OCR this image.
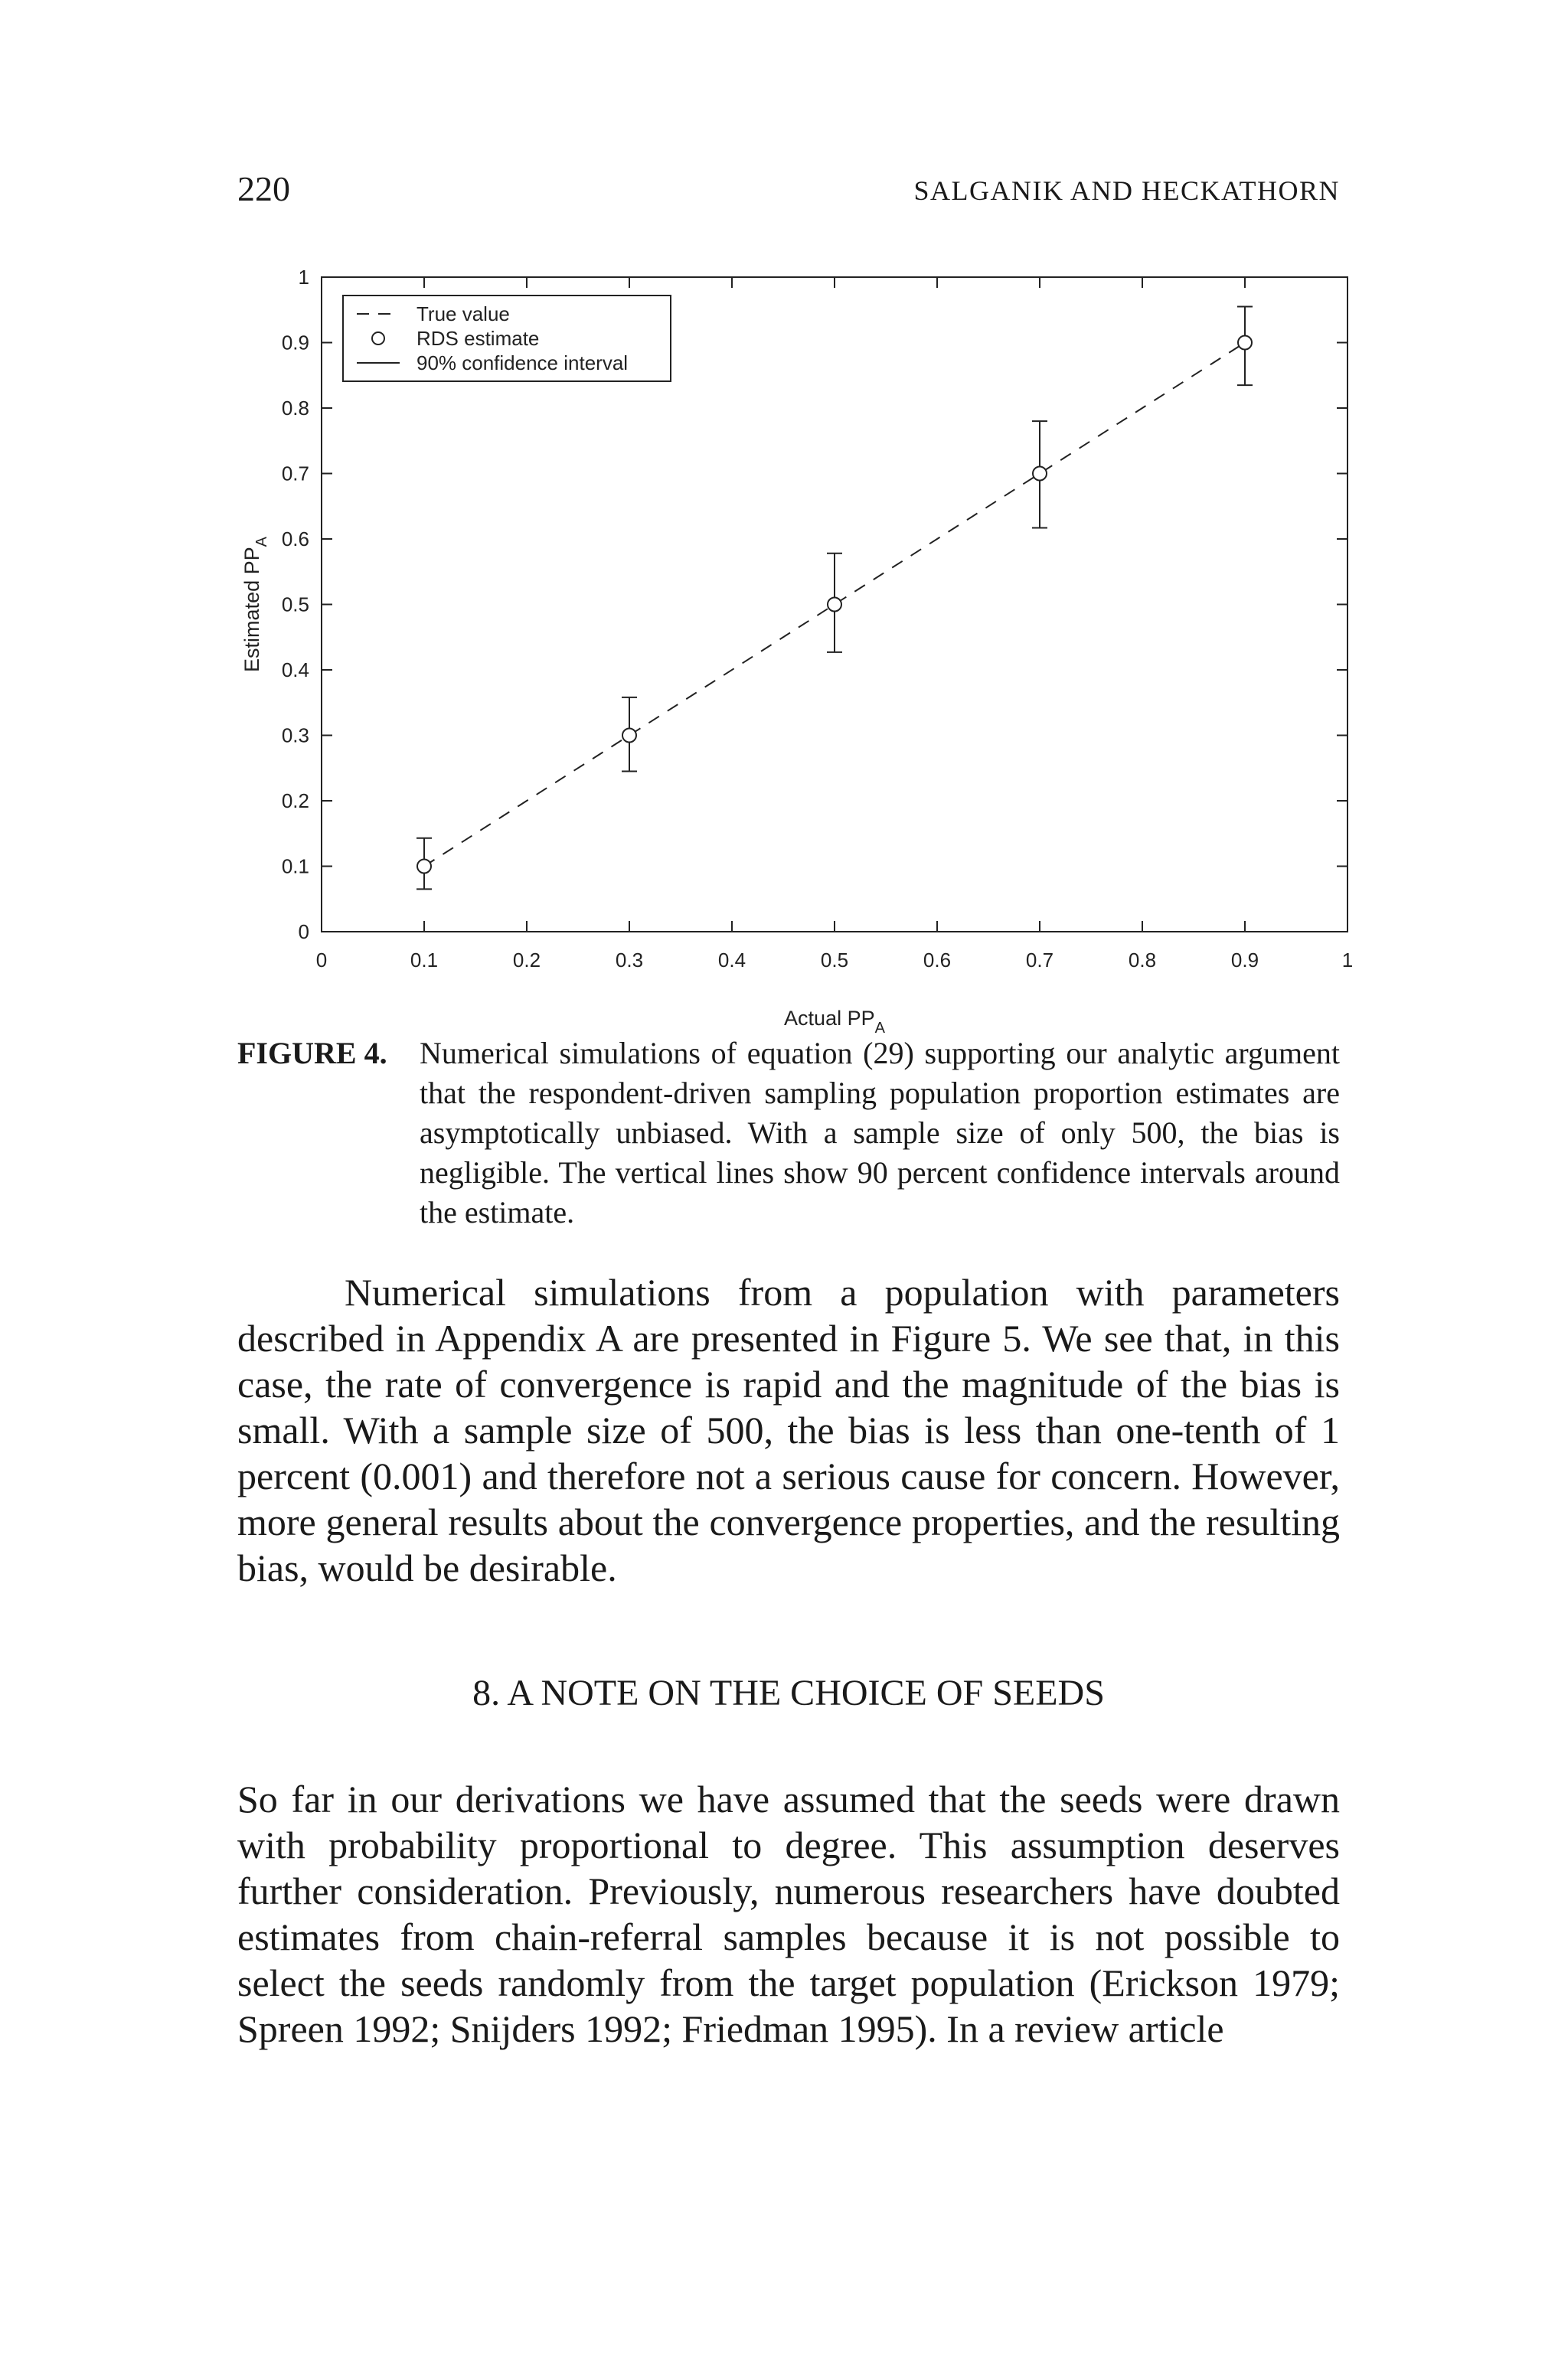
220	SALGANIK AND HECKATHORN
0	0.1	0.2	0.3	0.4	0.5	0.6	0.7	0.8	0.9	1
0
0.1
0.2
0.3
0.4
0.5
0.6
0.7
0.8
0.9
1
Actual $PP_A$
Estimated $PP_A$
True value
RDS estimate
90% confidence interval
FIGURE 4. Numerical simulations of equation (29) supporting our analytic argument that the respondent-driven sampling population proportion estimates are asymptotically unbiased. With a sample size of only 500, the bias is negligible. The vertical lines show 90 percent confidence intervals around the estimate.

Numerical simulations from a population with parameters described in Appendix A are presented in Figure 5. We see that, in this case, the rate of convergence is rapid and the magnitude of the bias is small. With a sample size of 500, the bias is less than one-tenth of 1 percent (0.001) and therefore not a serious cause for concern. However, more general results about the convergence properties, and the resulting bias, would be desirable.

8. A NOTE ON THE CHOICE OF SEEDS

So far in our derivations we have assumed that the seeds were drawn with probability proportional to degree. This assumption deserves further consideration. Previously, numerous researchers have doubted estimates from chain-referral samples because it is not possible to select the seeds randomly from the target population (Erickson 1979; Spreen 1992; Snijders 1992; Friedman 1995). In a review article
